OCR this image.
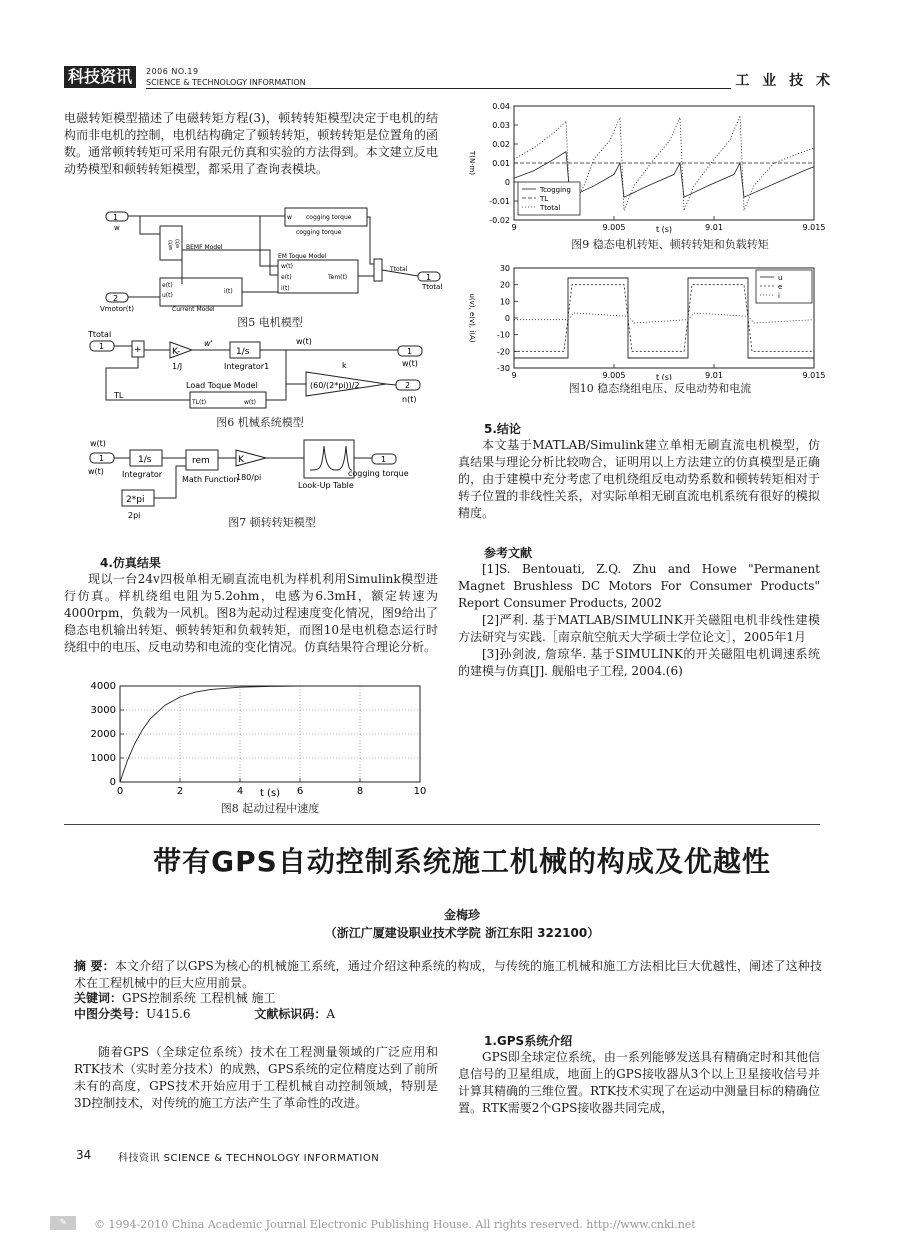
科技资讯	2006 NO.19
SCIENCE & TECHNOLOGY INFORMATION	工 业 技 术
电磁转矩模型描述了电磁转矩方程(3)，顿转转矩模型决定于电机的结构而非电机的控制，电机结构确定了顿转转矩，顿转转矩是位置角的函数。通常顿转转矩可采用有限元仿真和实验的方法得到。本文建立反电动势模型和顿转转矩模型，都采用了查询表模块。
1
w
2
Vmotor(t)
w(t) e(t) BEMF Model
w cogging torque
cogging torque
EM Toque Model
w(t)
e(t)	Tem(t)
i(t)
e(t)
u(t)
i(t)
Current Model
Ttotal
1
Ttotal
图5 电机模型
Ttotal
1	+	K-
1/J
w'
1/s
Integrator1
w(t)
1
w(t)
k
(60/(2*pi))/2	2
n(t)
TL
Load Toque Model
TL(t)	w(t)
图6 机械系统模型
w(t)
1
w(t)
1/s
Integrator
rem
Math Function
K
180/pi
Look-Up Table
1
cogging torque
2*pi
2pi
图7 顿转转矩模型
4.仿真结果
现以一台24v四极单相无刷直流电机为样机利用Simulink模型进行仿真。样机绕组电阻为5.2ohm，电感为6.3mH，额定转速为4000rpm，负载为一风机。图8为起动过程速度变化情况，图9给出了稳态电机输出转矩、顿转转矩和负载转矩，而图10是电机稳态运行时绕组中的电压、反电动势和电流的变化情况。仿真结果符合理论分析。
0
1000
2000
3000
4000
0	2	4	6	8	10
t (s)
图8 起动过程中速度
-0.02
-0.01
0
0.01
0.02
0.03
0.04
9	9.005	9.01	9.015
t (s)
T(N·m)
Tcogging
TL
Ttotal
图9 稳态电机转矩、顿转转矩和负载转矩
-30
-20
-10
0
10
20
30
9	9.005	9.01	9.015
t (s)
u(v), e(v), i(A)
u
e
i
图10 稳态绕组电压、反电动势和电流
5.结论
本文基于MATLAB/Simulink建立单相无刷直流电机模型，仿真结果与理论分析比较吻合，证明用以上方法建立的仿真模型是正确的，由于建模中充分考虑了电机绕组反电动势系数和顿转转矩相对于转子位置的非线性关系，对实际单相无刷直流电机系统有很好的模拟精度。
参考文献

[1]S. Bentouati, Z.Q. Zhu and Howe "Permanent Magnet Brushless DC Motors For Consumer Products" Report Consumer Products, 2002

[2]严利. 基于MATLAB/SIMULINK开关磁阻电机非线性建模方法研究与实践.［南京航空航天大学硕士学位论文］，2005年1月

[3]孙剑波, 詹琼华. 基于SIMULINK的开关磁阻电机调速系统的建模与仿真[J]. 舰船电子工程, 2004.(6)

带有GPS自动控制系统施工机械的构成及优越性
金梅珍
（浙江广厦建设职业技术学院 浙江东阳 322100）
摘 要：本文介绍了以GPS为核心的机械施工系统，通过介绍这种系统的构成，与传统的施工机械和施工方法相比巨大优越性，阐述了这种技术在工程机械中的巨大应用前景。
关键词：GPS控制系统 工程机械 施工
中图分类号：U415.6	文献标识码：A
随着GPS（全球定位系统）技术在工程测量领域的广泛应用和RTK技术（实时差分技术）的成熟，GPS系统的定位精度达到了前所未有的高度，GPS技术开始应用于工程机械自动控制领域，特别是3D控制技术，对传统的施工方法产生了革命性的改进。
1.GPS系统介绍
GPS即全球定位系统，由一系列能够发送具有精确定时和其他信息信号的卫星组成，地面上的GPS接收器从3个以上卫星接收信号并计算其精确的三维位置。RTK技术实现了在运动中测量目标的精确位置。RTK需要2个GPS接收器共同完成，
34	科技资讯 SCIENCE & TECHNOLOGY INFORMATION
✎	© 1994-2010 China Academic Journal Electronic Publishing House. All rights reserved. http://www.cnki.net
